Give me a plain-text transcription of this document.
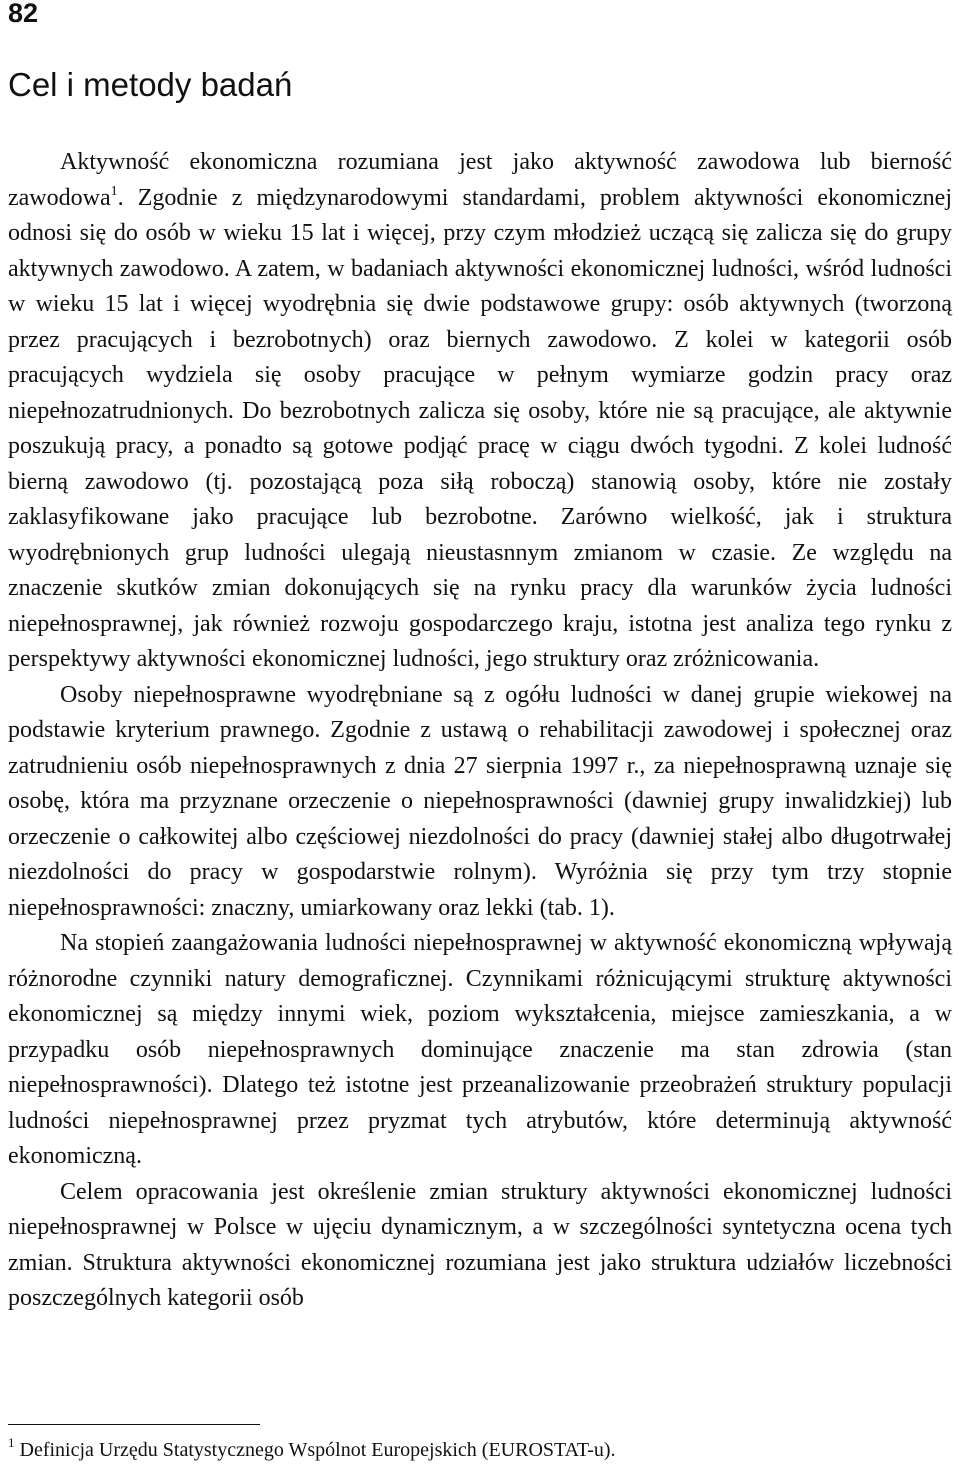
82
Cel i metody badań

Aktywność ekonomiczna rozumiana jest jako aktywność zawodowa lub bierność zawodowa$^1$. Zgodnie z międzynarodowymi standardami, problem aktywności ekonomicznej odnosi się do osób w wieku 15 lat i więcej, przy czym młodzież uczącą się zalicza się do grupy aktywnych zawodowo. A zatem, w badaniach aktywności ekonomicznej ludności, wśród ludności w wieku 15 lat i więcej wyodrębnia się dwie podstawowe grupy: osób aktywnych (tworzoną przez pracujących i bezrobotnych) oraz biernych zawodowo. Z kolei w kategorii osób pracujących wydziela się osoby pracujące w pełnym wymiarze godzin pracy oraz niepełnozatrudnionych. Do bezrobotnych zalicza się osoby, które nie są pracujące, ale aktywnie poszukują pracy, a ponadto są gotowe podjąć pracę w ciągu dwóch tygodni. Z kolei ludność bierną zawodowo (tj. pozostającą poza siłą roboczą) stanowią osoby, które nie zostały zaklasyfikowane jako pracujące lub bezrobotne. Zarówno wielkość, jak i struktura wyodrębnionych grup ludności ulegają nieustasnnym zmianom w czasie. Ze względu na znaczenie skutków zmian dokonujących się na rynku pracy dla warunków życia ludności niepełnosprawnej, jak również rozwoju gospodarczego kraju, istotna jest analiza tego rynku z perspektywy aktywności ekonomicznej ludności, jego struktury oraz zróżnicowania.

Osoby niepełnosprawne wyodrębniane są z ogółu ludności w danej grupie wiekowej na podstawie kryterium prawnego. Zgodnie z ustawą o rehabilitacji zawodowej i społecznej oraz zatrudnieniu osób niepełnosprawnych z dnia 27 sierpnia 1997 r., za niepełnosprawną uznaje się osobę, która ma przyznane orzeczenie o niepełnosprawności (dawniej grupy inwalidzkiej) lub orzeczenie o całkowitej albo częściowej niezdolności do pracy (dawniej stałej albo długotrwałej niezdolności do pracy w gospodarstwie rolnym). Wyróżnia się przy tym trzy stopnie niepełnosprawności: znaczny, umiarkowany oraz lekki (tab. 1).

Na stopień zaangażowania ludności niepełnosprawnej w aktywność ekonomiczną wpływają różnorodne czynniki natury demograficznej. Czynnikami różnicującymi strukturę aktywności ekonomicznej są między innymi wiek, poziom wykształcenia, miejsce zamieszkania, a w przypadku osób niepełnosprawnych dominujące znaczenie ma stan zdrowia (stan niepełnosprawności). Dlatego też istotne jest przeanalizowanie przeobrażeń struktury populacji ludności niepełnosprawnej przez pryzmat tych atrybutów, które determinują aktywność ekonomiczną.

Celem opracowania jest określenie zmian struktury aktywności ekonomicznej ludności niepełnosprawnej w Polsce w ujęciu dynamicznym, a w szczególności syntetyczna ocena tych zmian. Struktura aktywności ekonomicznej rozumiana jest jako struktura udziałów liczebności poszczególnych kategorii osób

$^1$ Definicja Urzędu Statystycznego Wspólnot Europejskich (EUROSTAT-u).
